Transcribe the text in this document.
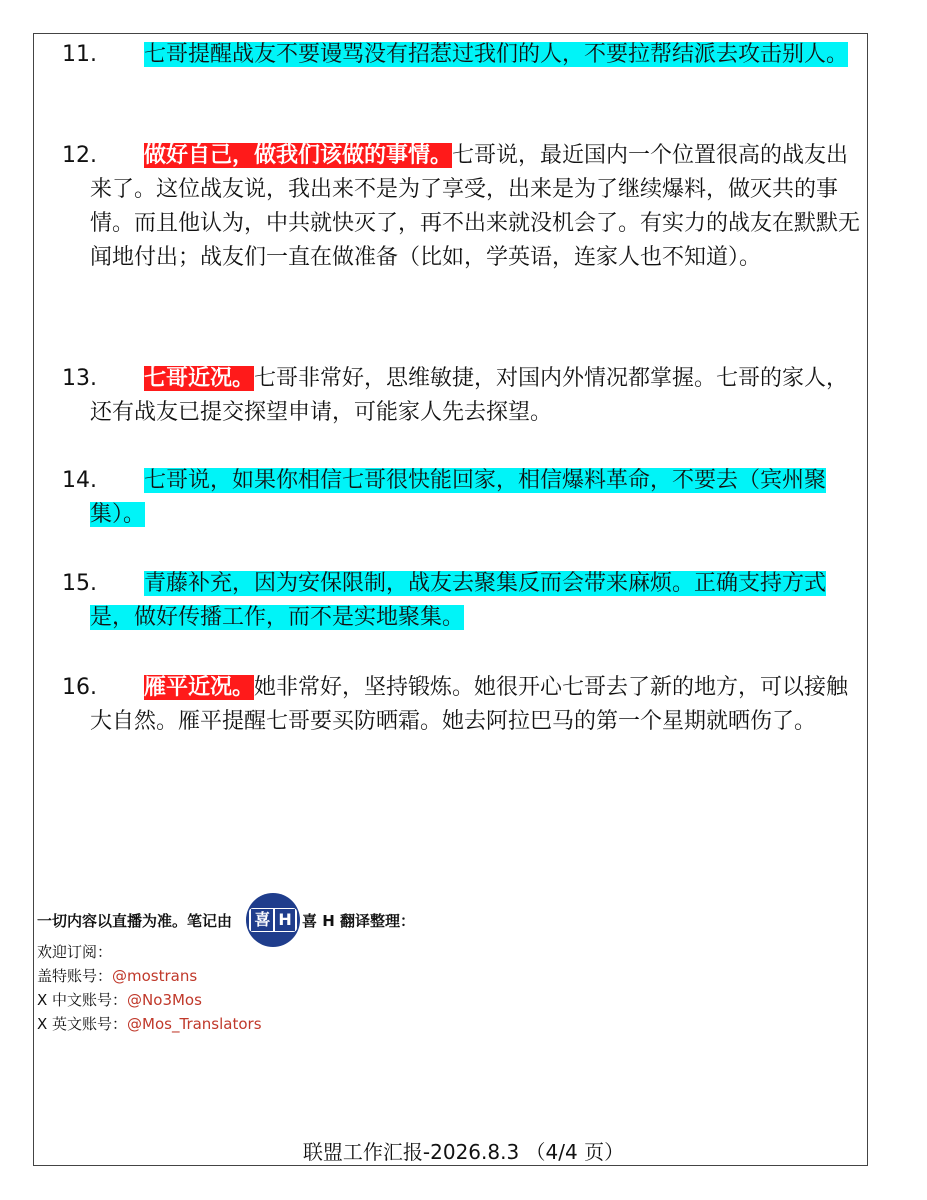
11.	七哥提醒战友不要谩骂没有招惹过我们的人，不要拉帮结派去攻击别人。
12.	做好自己，做我们该做的事情。七哥说，最近国内一个位置很高的战友出来了。这位战友说，我出来不是为了享受，出来是为了继续爆料，做灭共的事情。而且他认为，中共就快灭了，再不出来就没机会了。有实力的战友在默默无闻地付出；战友们一直在做准备（比如，学英语，连家人也不知道）。
13.	七哥近况。七哥非常好，思维敏捷，对国内外情况都掌握。七哥的家人，还有战友已提交探望申请，可能家人先去探望。
14.	七哥说，如果你相信七哥很快能回家，相信爆料革命，不要去（宾州聚集）。
15.	青藤补充，因为安保限制，战友去聚集反而会带来麻烦。正确支持方式是，做好传播工作，而不是实地聚集。
16.	雁平近况。她非常好，坚持锻炼。她很开心七哥去了新的地方，可以接触大自然。雁平提醒七哥要买防晒霜。她去阿拉巴马的第一个星期就晒伤了。
一切内容以直播为准。笔记由 喜 H 喜 H 翻译整理：
欢迎订阅：
盖特账号：@mostrans
X 中文账号：@No3Mos
X 英文账号：@Mos_Translators
联盟工作汇报-2026.8.3 （4/4 页）
